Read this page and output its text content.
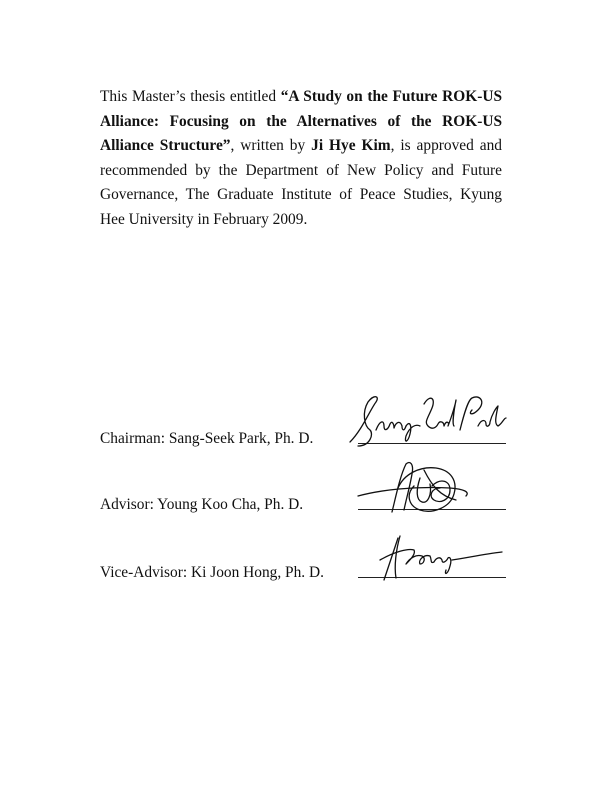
This Master’s thesis entitled “A Study on the Future ROK-US Alliance: Focusing on the Alternatives of the ROK-US Alliance Structure”, written by Ji Hye Kim, is approved and recommended by the Department of New Policy and Future Governance, The Graduate Institute of Peace Studies, Kyung Hee University in February 2009.

Chairman: Sang-Seek Park, Ph. D.
Advisor: Young Koo Cha, Ph. D.
Vice-Advisor: Ki Joon Hong, Ph. D.
